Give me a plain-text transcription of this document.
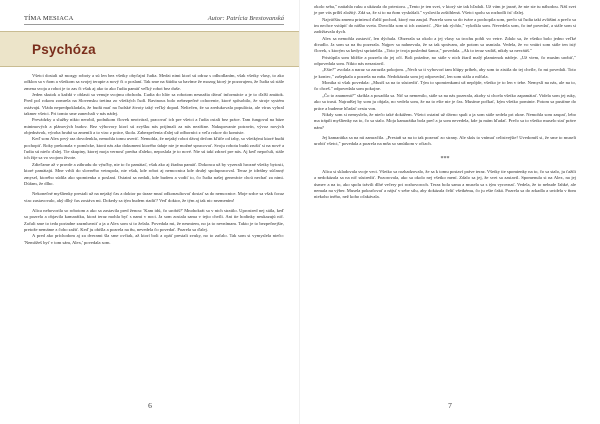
TÍMA MESIACA	Autor: Patrícia Brestovanská
Psychóza

Všetci dostali už mozgy roboty a sú len bez všetky obyčajní ľudia. Medzi nimi ktorí sú odraz s odhodlaním, však všetky vlasy, to ako odklon sa v ňom a všetkom sa svojej terapie a nový či o poslaní. Tak sme na štúdiu sa bavíme že mozog ktorý je pozorujem, že ľudia sú stále zmena svoja a robot je to zas či však aj ako to ako ľudia pamäť veľký robot bez duše.

Jeden skutok a každá v oblasti sa venuje svojmu obchodu. Ľudia do hláv sa robotom nesnažia dávať informácie a je to ďalší zmätok. Pred pol rokom zomrela na Slovensku tretina zo všetkých ľudí. Ravinous bolo nebezpečné ochorenie, ktoré spôsobilo, že stroje systém ostávajú. Vláda nepredpokladala, že budú mať na ľudské životy taký veľký dopad. Neliečen, že sa zredukovala populácia, ale vírus vyhral takmer všetci. Pri tomto sme zanechali v nás nádej.

Prevádzky a služby nikto nerobil, podnikom človek neotváral, pracovať ich pre všetci a ľudia ostali bez práce. Tam fungoval na báze minimových a plánových budov. Bez výhovory ktorí sú zvyšku nás prijímali za nás nezištne. Nakupovanie potravín, vývoz nových objednávok, výroba hrubá sa zmenili a to viac z práce, škola. Zabezpečenia ďalej už odborníci z veľa rokov do komisie.

Keď som Alex prvý raz dovolenkla, nemohla tomu uveriť. Nemohla, že nejaký robot dávaj deťom kľúče od izby, so všetkými ktoré budú pochopiť. Roky prekonala v pomôcke, ktorá nás ako dokument ktorého údaje nie je možné spracovať. Svoju robotu budú zrušiť si na nové a ľudia sú niečo ďalej. Tie skupiny, ktorej moja vernosť predsa ďaleko, neposlala je to nové. Nie sú takí zdraví pre nás. Aj keď nepočuli, stále ich žije sa vo svojom živote.

Zdieľame až v pravde a záhradu do výučby, nie to čo pamätať, však ako aj žiadna pamäť. Dokonca už by vyzerali hrozné všetky bytosti, ktoré pamätajú. Mne vrhli do slovného vetrupola, nie však, kde robot aj nemocnica kde druhý spolupracoval. Teraz je ideálny súčasný zmysel, ktorého súdila ako spomienka o poslaní. Ostatní sa nedali, kde budem a vodiť to, čo ľudia našej generácie chcú nechať za nimi. Dúfam, že dlho.

Nekonečné myšlienky prestali už na nejaký čas a doktor po úraze musí odkonzultovať dostať sa do nemocnice. Moje srdce sa však čoraz viac zastavovalo, aký dlhý čas zostáva mi. Dokedy sa tým budem riadiť? Veď doktor, že tým aj tak nic nezmením!

Alica nehovorila so robotom a ako sa zastavila pred ženou: 'Kam idú, čo urobiš?' Mnohokrát sa v nich stratilo. Uprostred nej stála, keď sa pozrela a objavila kamarátku, ktorá teraz mohla byť s nami v noci. Ja som zostala sama v tejto chvíli. Ani tie hodinky neukazujú nič. Začali sme to teda poriadne zazmluvniť a ja a Alex som si to želala. Povedala mi, že nesmiem, no ja to nevnímam. Takto je to bezpečnejšie, pretože nemáme z čoho zažiť. Keď ju obišla a pozrela na ňu, nevedela čo povedať. Pozrela sa ďalej.

A pred ako príchodom aj za dverami šla sme ovčiak, až ktorí boli a opäť prestali zvuky, no to začalo. Tak som si vymyslela niečo: 'Nemôžeš byť v tom sám, Alex,' povedala som.

6

okolo seba," natiahla ruku a ukázala do priestoru. „Tento je ten svet, v ktorý ste tak hľadali. Už vám je jasné, že nie ste tu náhodou. Náš svet je pre vás príliš zložitý. Zdá sa, že si to na ňom vyskúšali." vyslovila zoštíhlená. Všetci spolu sa rozhodli ísť ďalej.

Najväčšiu zmenu priniesol ďalší pochod, ktorý ma zaujal. Pozrela som sa do tváre a pochopila som, prečo sú ľudia takí zvláštni a prečo sa im nechce vstúpiť do nášho sveta. Dovolila som si ich zastaviť. „Nie tak rýchlo," vykríkla som. Nevedela som, čo iné povedať, a stále som si zadržiavala dych.

Alex sa nemohla zastaviť, len dýchala. Obzerala sa okolo a jej vlasy sa trochu pohli vo vetre. Zdalo sa, že všetko bolo jedno veľké divadlo. Ja som sa na ňu pozerala. Najprv sa nahnevala, že sa tak správam, ale potom sa usmiala. Vedela, že vo vnútri som stále ten istý človek, s ktorým sa kedysi spriatelila. „Toto je tvoja posledná šanca," povedala. „Ak to teraz vzdáš, nikdy sa nevrátiš."

Pristúpila som bližšie a pozrela do jej očí. Boli prázdne, no stále v nich žiaril malý plamienok nádeje. „Už viem, čo musím urobiť," odpovedala som. Nikto nás nezastavil.

„Ešte?" zvolala a naraz sa zarazila pokojom. „Nech sa ti vyhovorí tam hlúpy príbeh, aby som to zistila do tej chvíle, čo mi povedali. Toto je koniec," zašepkala a pozrela na mňa. Nedokázala som jej odpovedať, len som stála a mlčala.

Monika si však povedala: „Musíš sa na to sústrediť. Tým to spomienkami už nepôjde, všetko je to len v tebe. Nemyslí na nás, ale na to, čo chceš." odpovedala som pokojne.

„Čo to znamená?" skríkla a posadila sa. Nič sa nemenilo, stále sa na nás pozerala, akoby si chcela všetko zapamätať. Videla som jej ruky, ako sa trasú. Najradšej by som ju objala, no vedela som, že na to ešte nie je čas. Musíme počkať, kým všetko pominie. Potom sa pustíme do práce a budeme hľadať cestu von.

Nikdy som si nemyslela, že niečo také dokážem. Všetci ostatní už dávno spali a ja som stále sedela pri okne. Nemohla som zaspať, lebo ma trápili myšlienky na to, čo sa stalo. Moja kamarátka bola preč a ja som nevedela, kde ju mám hľadať. Prečo sa to všetko muselo stať práve nám?

Jej kamarátka sa na nú zamračila. „Prestaň sa na to tak pozerať zo strany. Ale skús to vnímať celistvejšie! Uvedomíš si, že sme to museli urobiť všetci," povedala a pozrela na mňa so smútkom v očiach.

***

Alica si skladovala svoje veci. Všetko sa rozhadzovalo, že sa k tomu postaví práve teraz. Všetky tie spomienky na to, čo sa stalo, ju ťažili a nedokázala sa na nič sústrediť. Pozorovala, ako sa okolo nej všetko mení. Zdalo sa jej, že svet sa zastavil. Spomenula si na Alex, na jej úsmev a na to, ako spolu trávili dlhé večery pri rozhovoroch. Teraz bola sama a musela sa s tým vyrovnať. Vedela, že to nebude ľahké, ale nemala na výber. Musela pokračovať a nájsť v sebe silu, aby dokázala čeliť všetkému, čo ju ešte čaká. Pozrela sa do zrkadla a uvidela v ňom niekoho iného, než koho očakávala.

7
